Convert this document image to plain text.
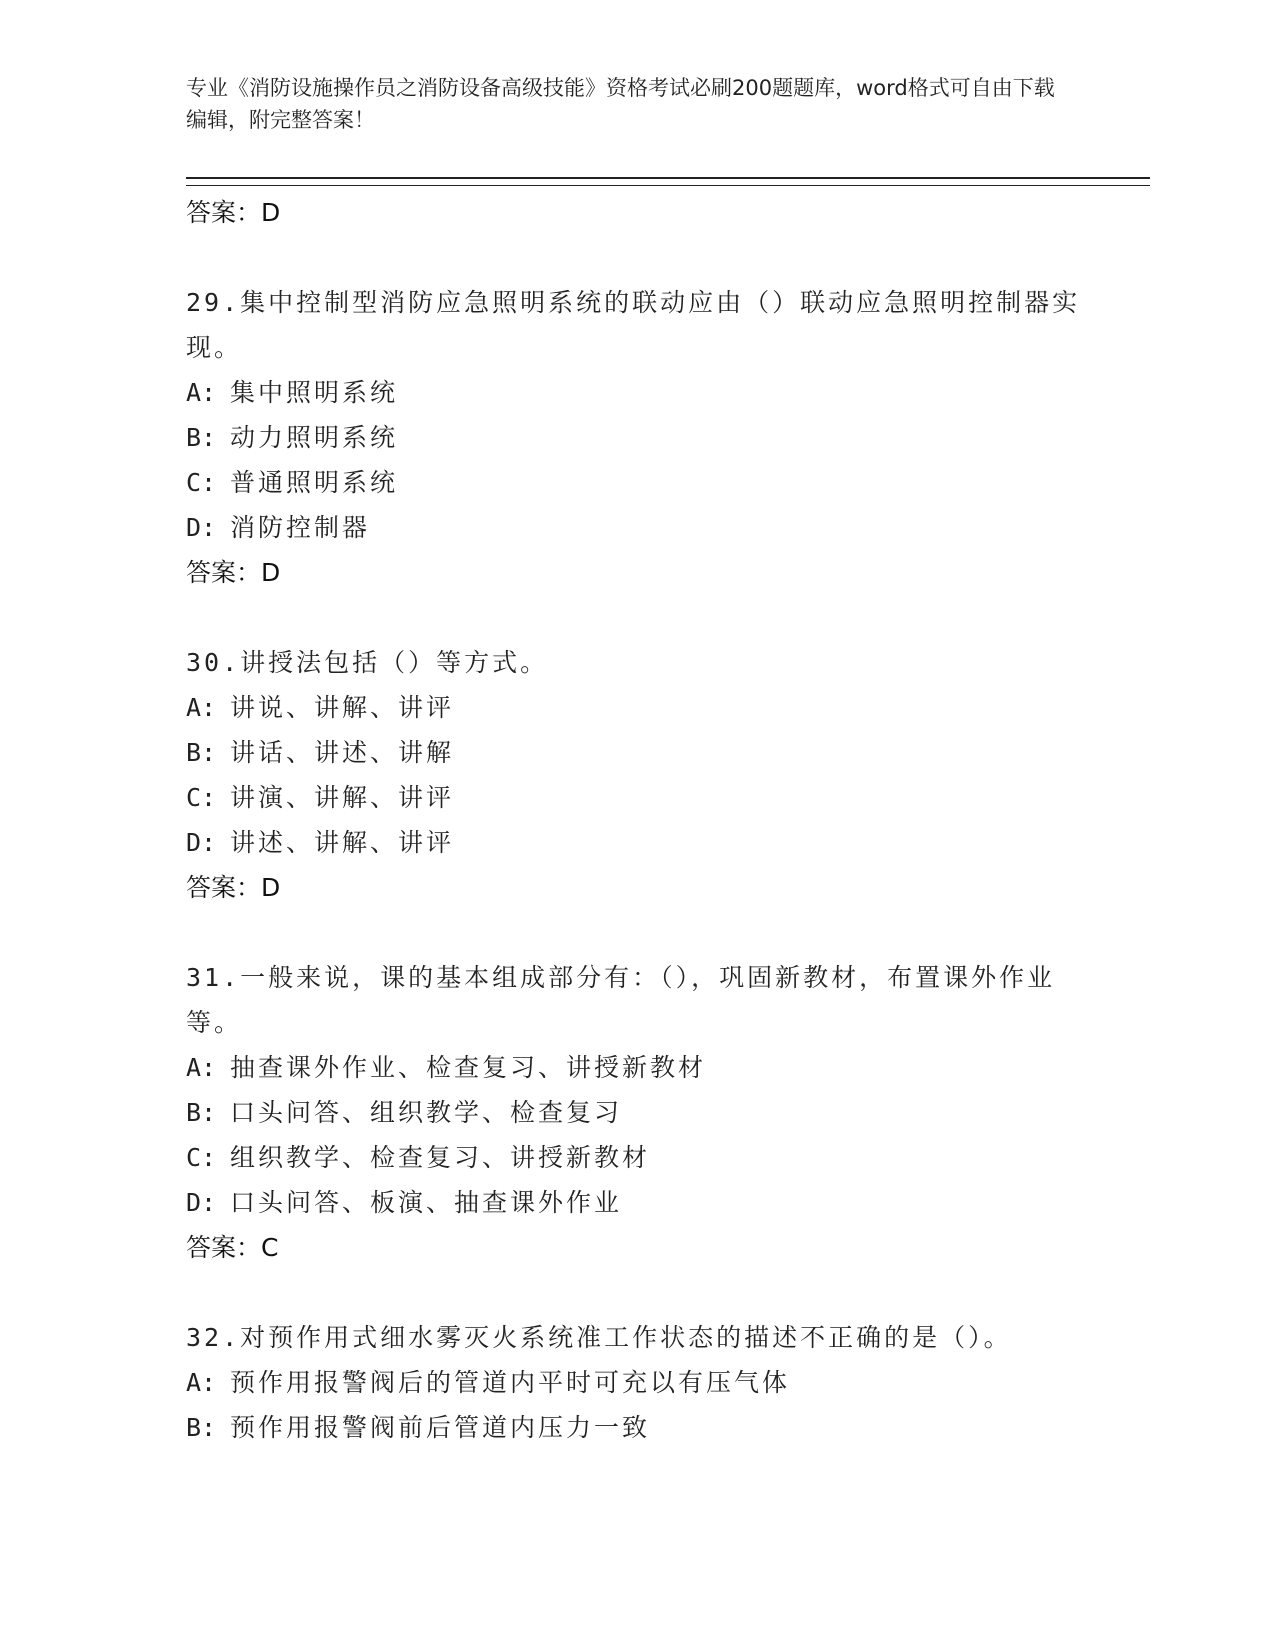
专业《消防设施操作员之消防设备高级技能》资格考试必刷200题题库，word格式可自由下载编辑，附完整答案！
答案：D

29.集中控制型消防应急照明系统的联动应由（）联动应急照明控制器实现。

A: 集中照明系统
B: 动力照明系统
C: 普通照明系统
D: 消防控制器
答案：D

30.讲授法包括（）等方式。

A: 讲说、讲解、讲评
B: 讲话、讲述、讲解
C: 讲演、讲解、讲评
D: 讲述、讲解、讲评
答案：D

31.一般来说，课的基本组成部分有：（），巩固新教材，布置课外作业等。

A: 抽查课外作业、检查复习、讲授新教材
B: 口头问答、组织教学、检查复习
C: 组织教学、检查复习、讲授新教材
D: 口头问答、板演、抽查课外作业
答案：C

32.对预作用式细水雾灭火系统准工作状态的描述不正确的是（）。

A: 预作用报警阀后的管道内平时可充以有压气体
B: 预作用报警阀前后管道内压力一致
